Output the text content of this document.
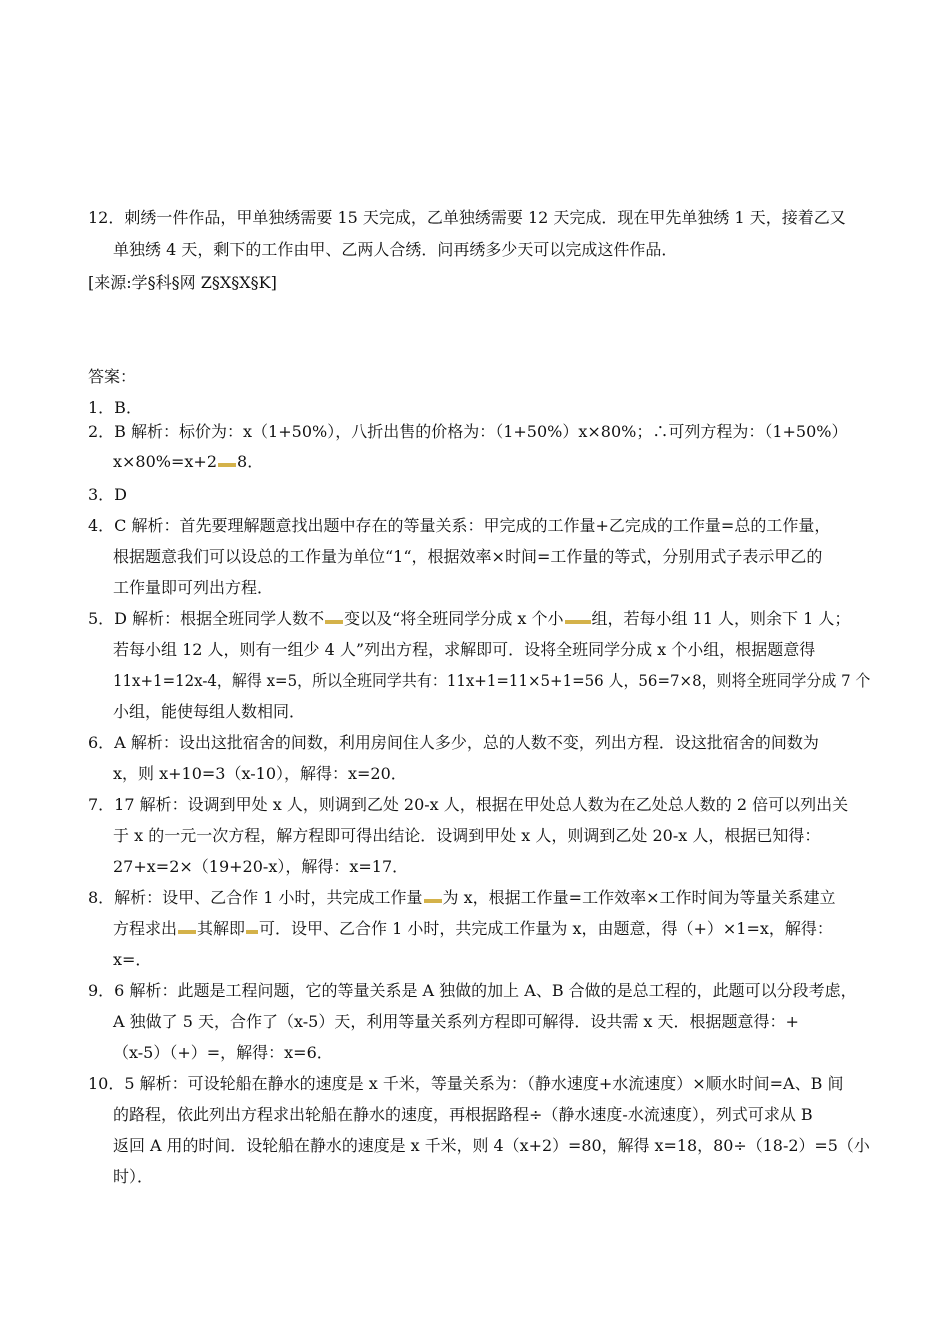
12．刺绣一件作品，甲单独绣需要 15 天完成，乙单独绣需要 12 天完成．现在甲先单独绣 1 天，接着乙又
单独绣 4 天，剩下的工作由甲、乙两人合绣．问再绣多少天可以完成这件作品．
[来源:学§科§网 Z§X§X§K]
答案：
1．B．
2．B 解析：标价为：x（1+50%），八折出售的价格为：（1+50%）x×80%；∴可列方程为：（1+50%）
x×80%=x+2 8．
3．D
4．C 解析：首先要理解题意找出题中存在的等量关系：甲完成的工作量+乙完成的工作量=总的工作量，
根据题意我们可以设总的工作量为单位“1“，根据效率×时间=工作量的等式，分别用式子表示甲乙的
工作量即可列出方程．
5．D 解析：根据全班同学人数不 变以及“将全班同学分成 x 个小 组，若每小组 11 人，则余下 1 人；
若每小组 12 人，则有一组少 4 人”列出方程，求解即可．设将全班同学分成 x 个小组，根据题意得
11x+1=12x-4，解得 x=5，所以全班同学共有：11x+1=11×5+1=56 人，56=7×8，则将全班同学分成 7 个
小组，能使每组人数相同．
6．A 解析：设出这批宿舍的间数，利用房间住人多少，总的人数不变，列出方程．设这批宿舍的间数为
x，则 x+10=3（x-10），解得：x=20．
7．17 解析：设调到甲处 x 人，则调到乙处 20-x 人，根据在甲处总人数为在乙处总人数的 2 倍可以列出关
于 x 的一元一次方程，解方程即可得出结论．设调到甲处 x 人，则调到乙处 20-x 人，根据已知得：
27+x=2×（19+20-x），解得：x=17．
8．解析：设甲、乙合作 1 小时，共完成工作量 为 x，根据工作量=工作效率×工作时间为等量关系建立
方程求出 其解即 可．设甲、乙合作 1 小时，共完成工作量为 x，由题意，得（+）×1=x，解得：
x=．
9．6 解析：此题是工程问题，它的等量关系是 A 独做的加上 A、B 合做的是总工程的，此题可以分段考虑，
A 独做了 5 天，合作了（x-5）天，利用等量关系列方程即可解得．设共需 x 天．根据题意得：+
（x-5）（+）=，解得：x=6．
10．5 解析：可设轮船在静水的速度是 x 千米，等量关系为：（静水速度+水流速度）×顺水时间=A、B 间
的路程，依此列出方程求出轮船在静水的速度，再根据路程÷（静水速度-水流速度），列式可求从 B
返回 A 用的时间．设轮船在静水的速度是 x 千米，则 4（x+2）=80，解得 x=18，80÷（18-2）=5（小
时）．
